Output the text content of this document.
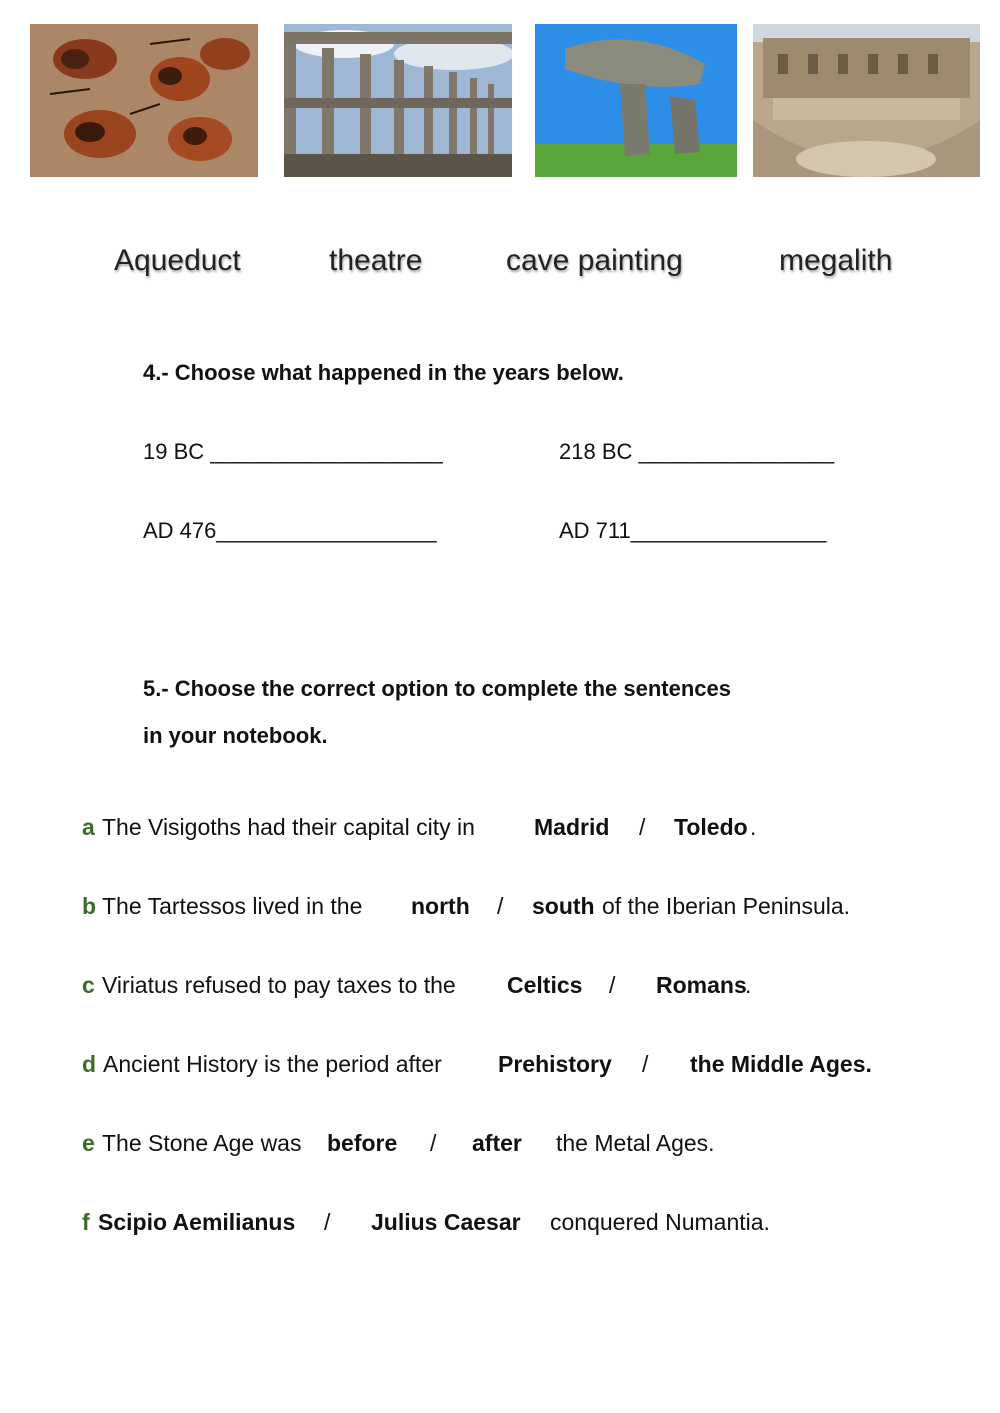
Aqueduct	theatre	cave painting	megalith
4.- Choose what happened in the years below.
19 BC ___________________	218 BC ________________
AD 476__________________	AD 711________________
5.- Choose the correct option to complete the sentences
in your notebook.
a The Visigoths had their capital city in	Madrid / Toledo .
b The Tartessos lived in the north / south of the Iberian Peninsula.
c Viriatus refused to pay taxes to the Celtics / Romans
.
d Ancient History is the period after Prehistory / the Middle Ages.
e The Stone Age was before / after the Metal Ages.
f Scipio Aemilianus / Julius Caesar conquered Numantia.
